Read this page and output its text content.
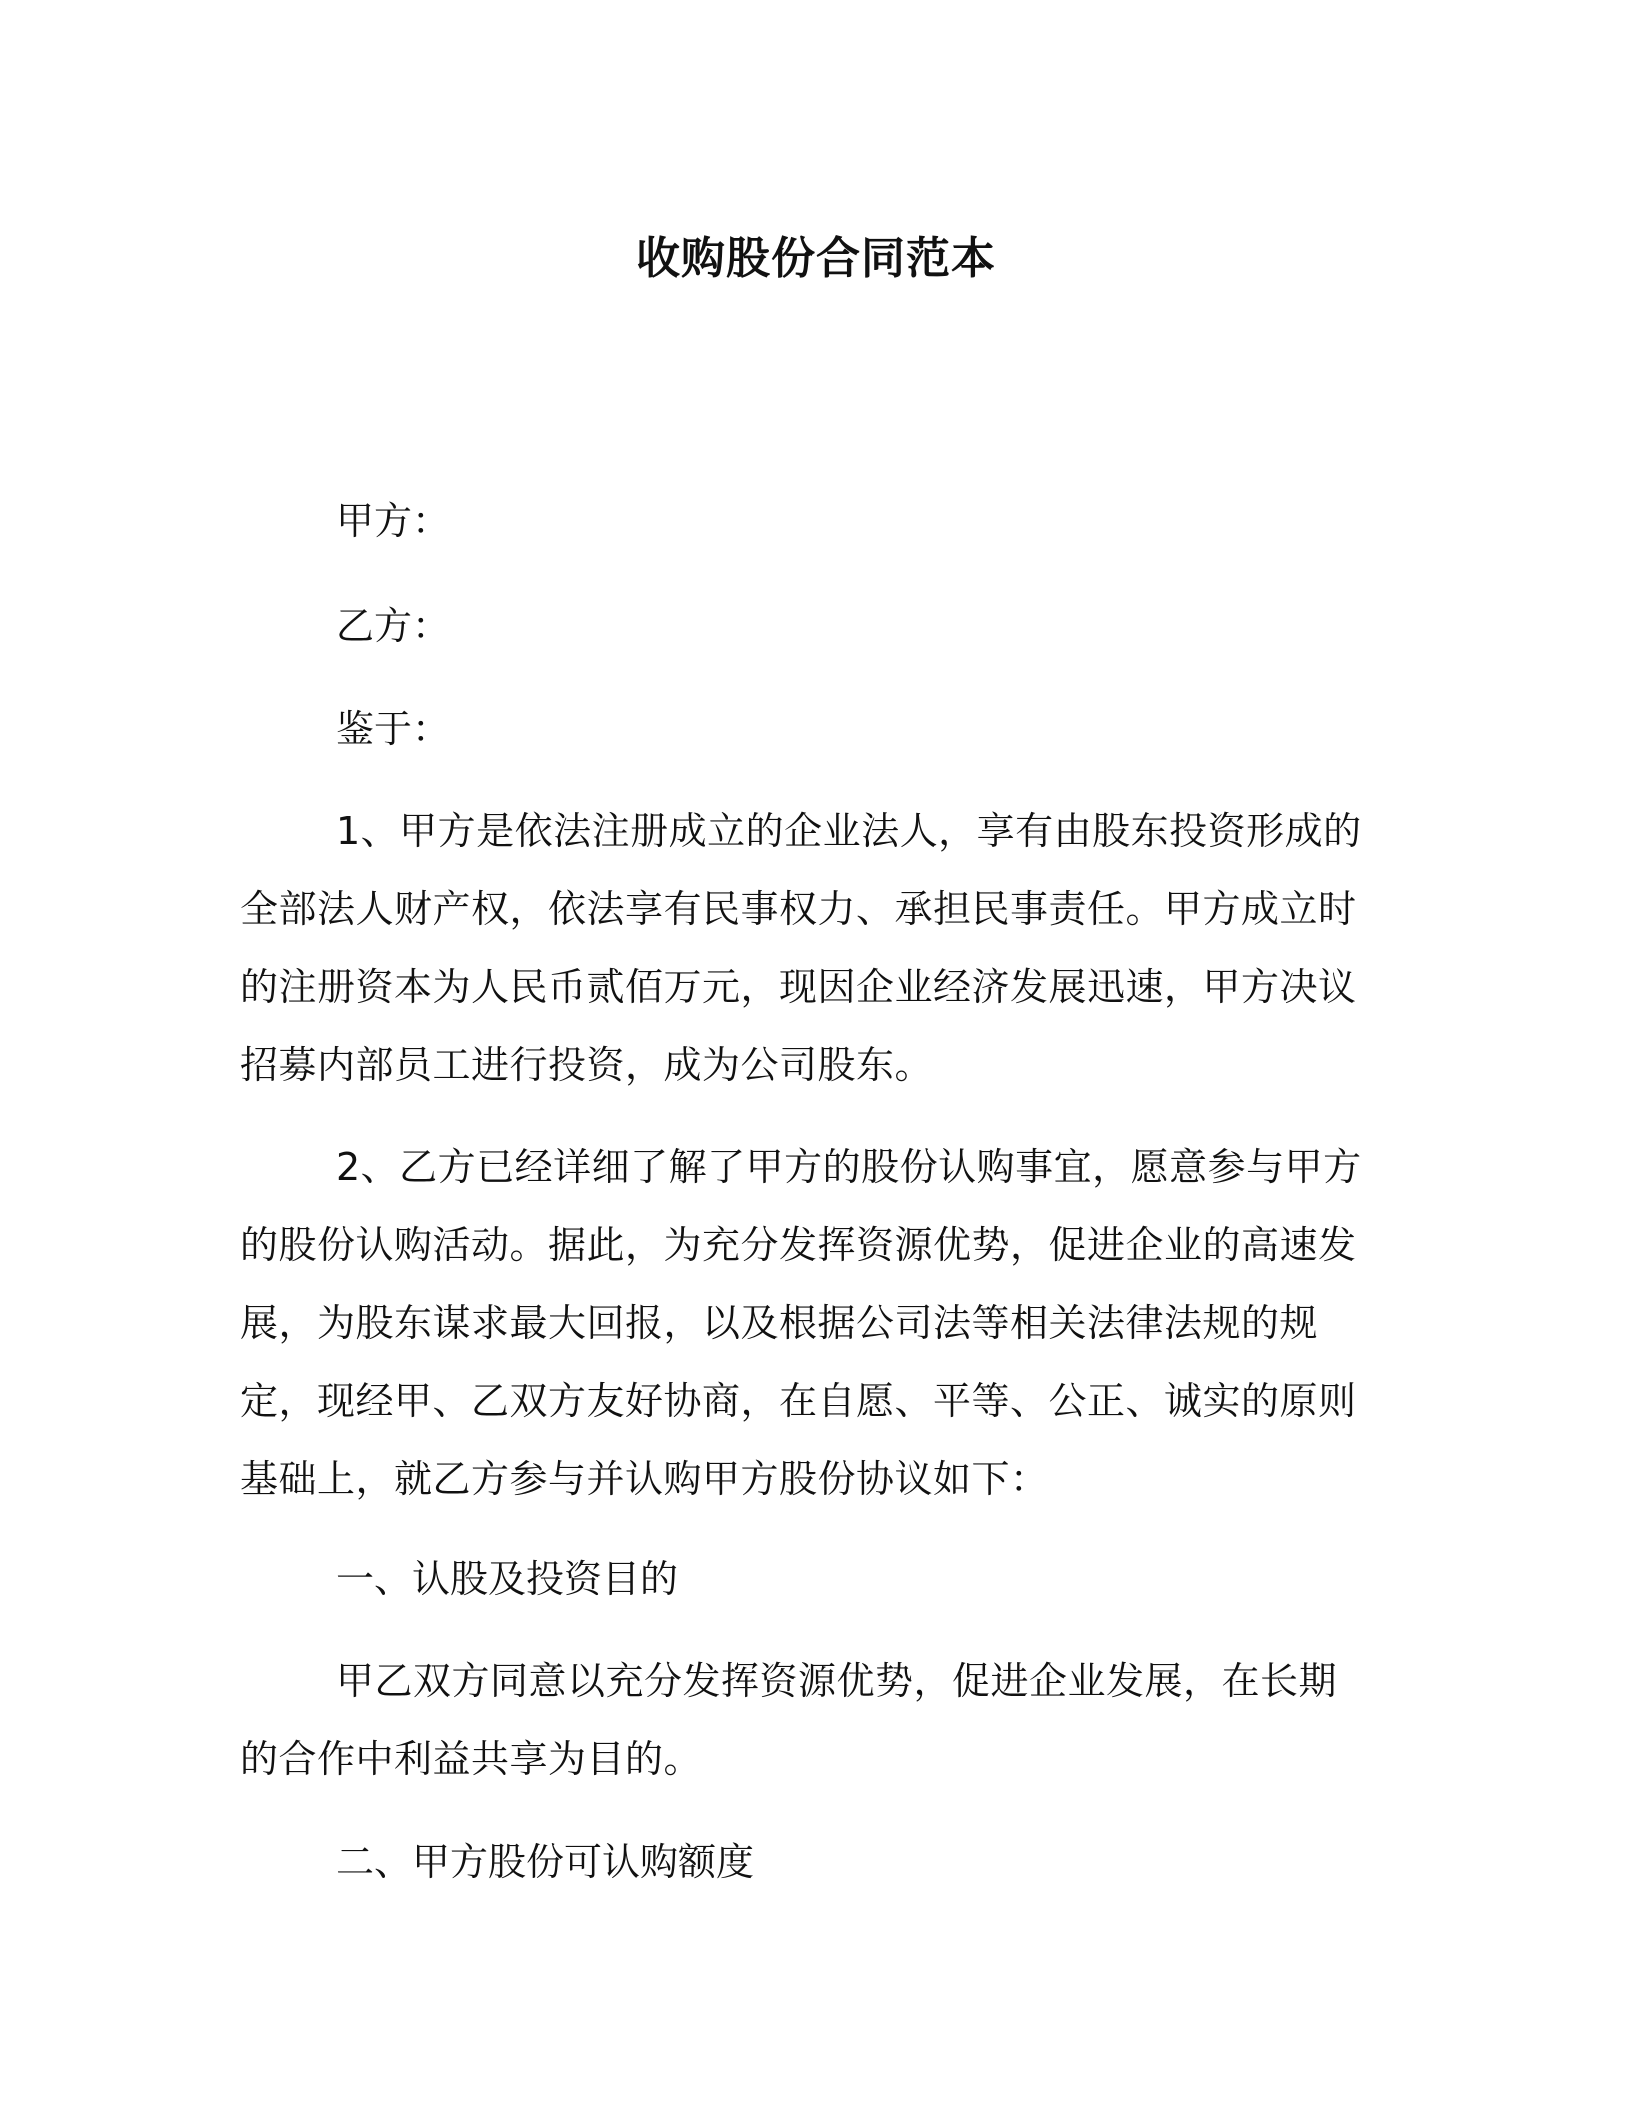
收购股份合同范本

甲方：

乙方：

鉴于：

1、甲方是依法注册成立的企业法人，享有由股东投资形成的全部法人财产权，依法享有民事权力、承担民事责任。甲方成立时的注册资本为人民币贰佰万元，现因企业经济发展迅速，甲方决议招募内部员工进行投资，成为公司股东。

2、乙方已经详细了解了甲方的股份认购事宜，愿意参与甲方的股份认购活动。据此，为充分发挥资源优势，促进企业的高速发展，为股东谋求最大回报，以及根据公司法等相关法律法规的规定，现经甲、乙双方友好协商，在自愿、平等、公正、诚实的原则基础上，就乙方参与并认购甲方股份协议如下：

一、认股及投资目的

甲乙双方同意以充分发挥资源优势，促进企业发展，在长期的合作中利益共享为目的。

二、甲方股份可认购额度
